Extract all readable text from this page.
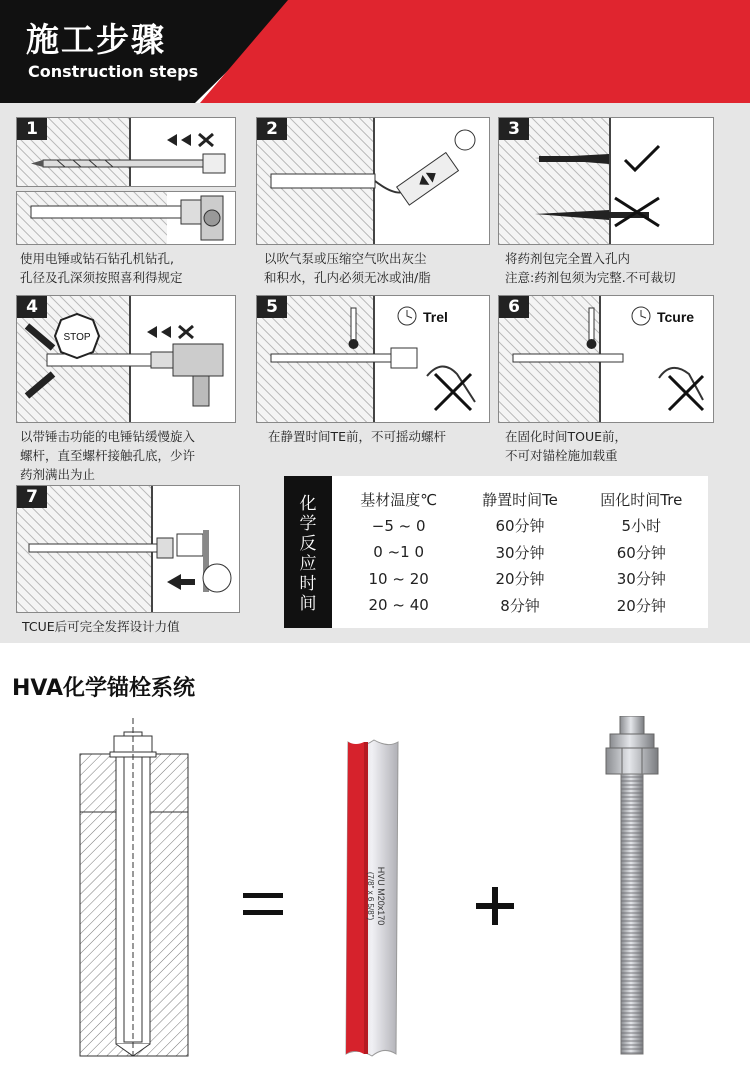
施工步骤
Construction steps
1
使用电锤或钻石钻孔机钻孔,
孔径及孔深须按照喜利得规定
2
以吹气泵或压缩空气吹出灰尘
和积水，孔内必须无冰或油/脂
3
将药剂包完全置入孔内
注意:药剂包须为完整.不可裁切
STOP
4
以带锤击功能的电锤钻缓慢旋入
螺杆，直至螺杆接触孔底，少许
药剂满出为止
Trel
5
在静置时间TE前，不可摇动螺杆
Tcure
6
在固化时间TOUE前，
不可对锚栓施加载重
7
TCUE后可完全发挥设计力值
化学反应时间
基材温度℃	静置时间Te	固化时间Tre
−5 ~ 0	60分钟	5小时
0 ~1 0	30分钟	60分钟
10 ~ 20	20分钟	30分钟
20 ~ 40	8分钟	20分钟
HVA化学锚栓系统
HVU M20x170
(7/8" x 6 5/8")
